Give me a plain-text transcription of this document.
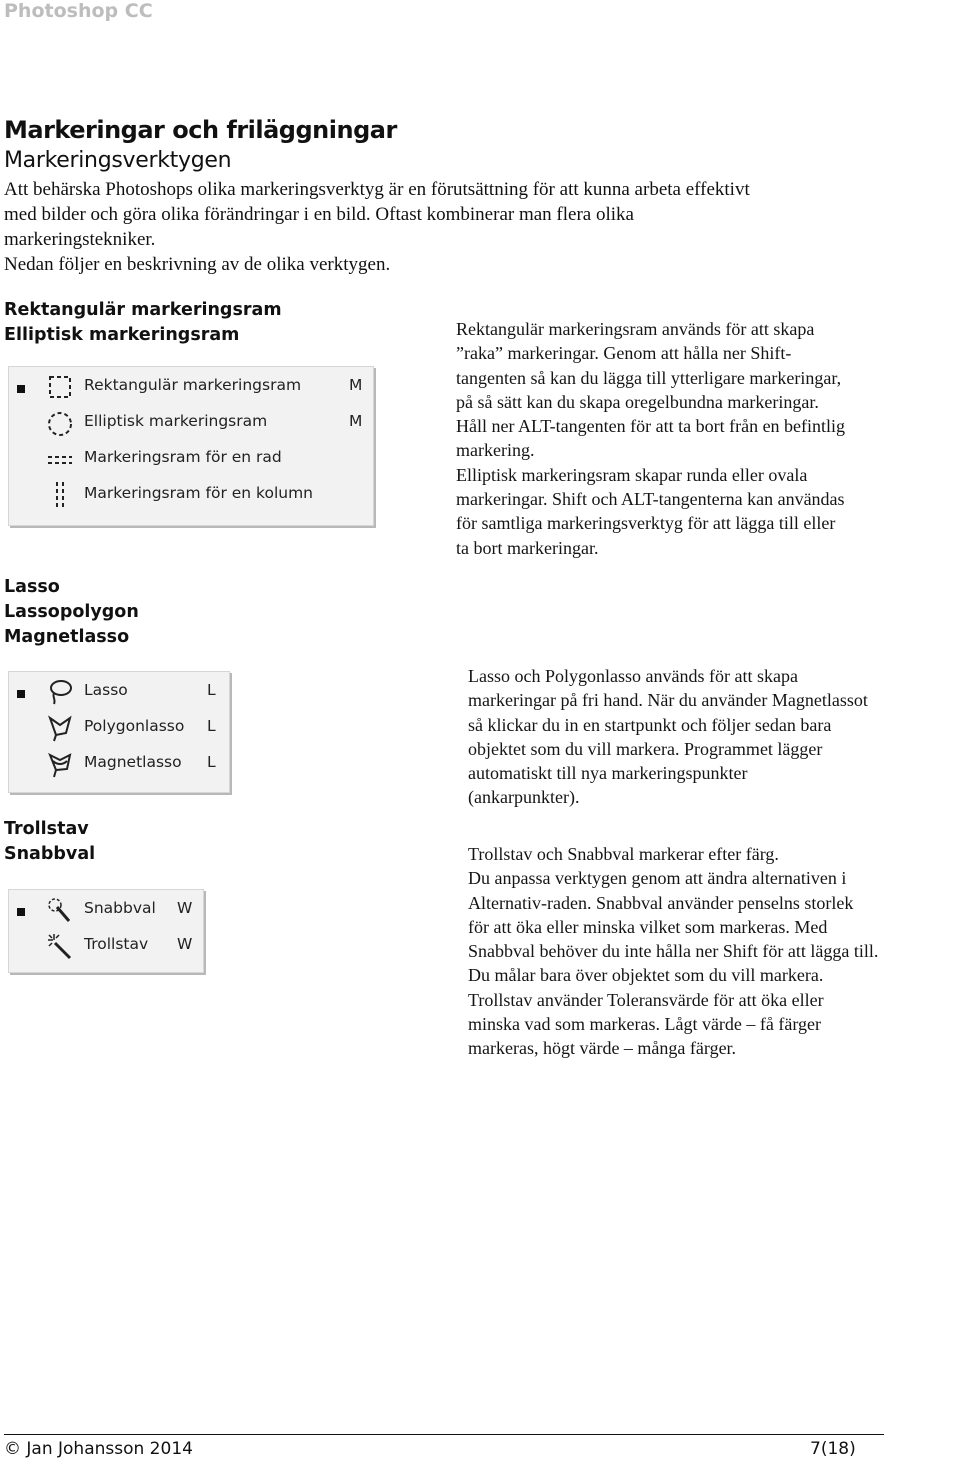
Photoshop CC
Markeringar och friläggningar
Markeringsverktygen
Att behärska Photoshops olika markeringsverktyg är en förutsättning för att kunna arbeta effektivt
med bilder och göra olika förändringar i en bild. Oftast kombinerar man flera olika
markeringstekniker.
Nedan följer en beskrivning av de olika verktygen.
Rektangulär markeringsram
Elliptisk markeringsram
Rektangulär markeringsram	M
Elliptisk markeringsram	M
Markeringsram för en rad
Markeringsram för en kolumn
Rektangulär markeringsram används för att skapa
”raka” markeringar. Genom att hålla ner Shift-
tangenten så kan du lägga till ytterligare markeringar,
på så sätt kan du skapa oregelbundna markeringar.
Håll ner ALT-tangenten för att ta bort från en befintlig
markering.
Elliptisk markeringsram skapar runda eller ovala
markeringar. Shift och ALT-tangenterna kan användas
för samtliga markeringsverktyg för att lägga till eller
ta bort markeringar.
Lasso
Lassopolygon
Magnetlasso
Lasso	L
Polygonlasso L
Magnetlasso L
Lasso och Polygonlasso används för att skapa
markeringar på fri hand. När du använder Magnetlassot
så klickar du in en startpunkt och följer sedan bara
objektet som du vill markera. Programmet lägger
automatiskt till nya markeringspunkter
(ankarpunkter).
Trollstav
Snabbval
Snabbval W
Trollstav W
Trollstav och Snabbval markerar efter färg.
Du anpassa verktygen genom att ändra alternativen i
Alternativ-raden. Snabbval använder penselns storlek
för att öka eller minska vilket som markeras. Med
Snabbval behöver du inte hålla ner Shift för att lägga till.
Du målar bara över objektet som du vill markera.
Trollstav använder Toleransvärde för att öka eller
minska vad som markeras. Lågt värde – få färger
markeras, högt värde – många färger.
© Jan Johansson 2014	7(18)
